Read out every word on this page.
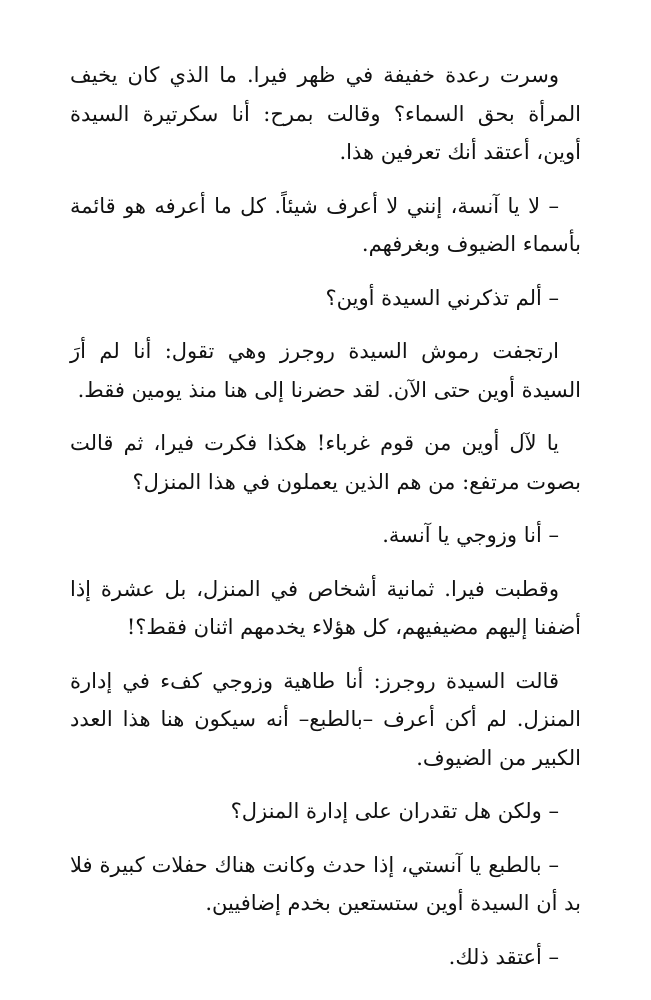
وسرت رعدة خفيفة في ظهر فيرا. ما الذي كان يخيف المرأة بحق السماء؟ وقالت بمرح: أنا سكرتيرة السيدة أوين، أعتقد أنك تعرفين هذا.

– لا يا آنسة، إنني لا أعرف شيئاً. كل ما أعرفه هو قائمة بأسماء الضيوف وبغرفهم.

– ألم تذكرني السيدة أوين؟

ارتجفت رموش السيدة روجرز وهي تقول: أنا لم أرَ السيدة أوين حتى الآن. لقد حضرنا إلى هنا منذ يومين فقط.

يا لآل أوين من قوم غرباء! هكذا فكرت فيرا، ثم قالت بصوت مرتفع: من هم الذين يعملون في هذا المنزل؟

– أنا وزوجي يا آنسة.

وقطبت فيرا. ثمانية أشخاص في المنزل، بل عشرة إذا أضفنا إليهم مضيفيهم، كل هؤلاء يخدمهم اثنان فقط؟!

قالت السيدة روجرز: أنا طاهية وزوجي كفء في إدارة المنزل. لم أكن أعرف –بالطبع– أنه سيكون هنا هذا العدد الكبير من الضيوف.

– ولكن هل تقدران على إدارة المنزل؟

– بالطبع يا آنستي، إذا حدث وكانت هناك حفلات كبيرة فلا بد أن السيدة أوين ستستعين بخدم إضافيين.

– أعتقد ذلك.
